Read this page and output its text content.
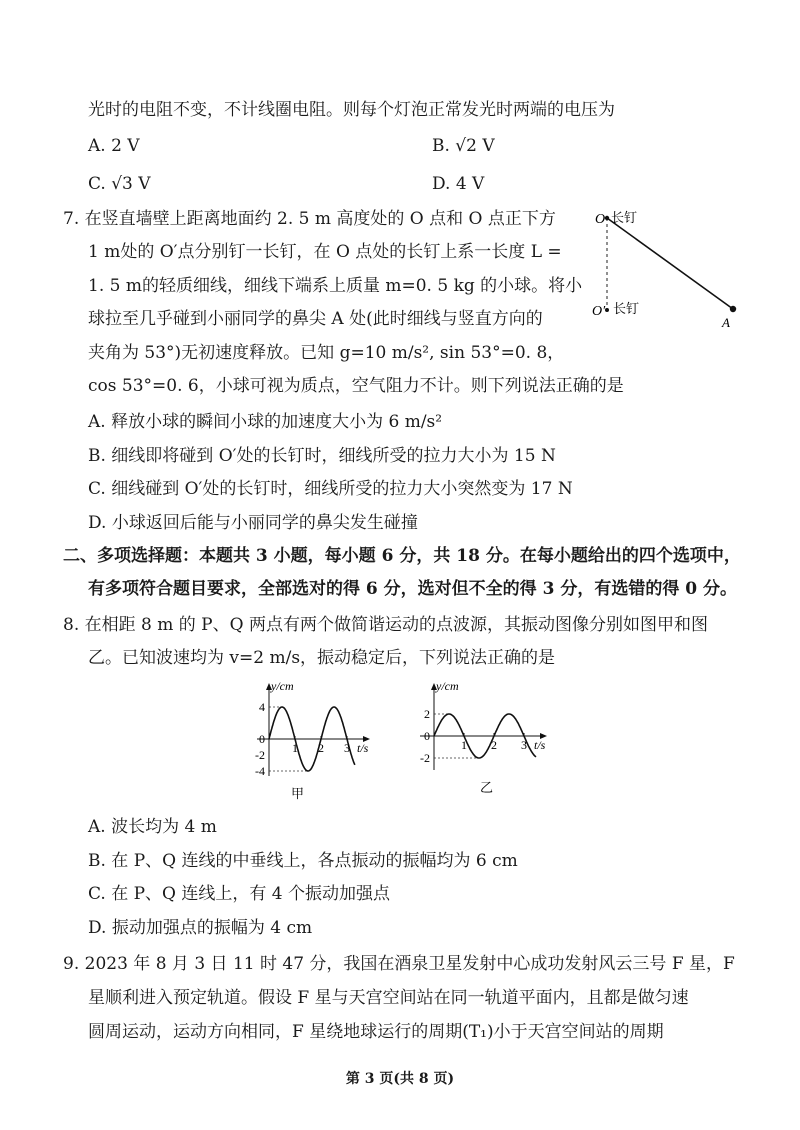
光时的电阻不变，不计线圈电阻。则每个灯泡正常发光时两端的电压为
A. 2 V	B. √2 V
C. √3 V	D. 4 V
7. 在竖直墙壁上距离地面约 2. 5 m 高度处的 O 点和 O 点正下方
1 m处的 O′点分别钉一长钉，在 O 点处的长钉上系一长度 L =
1. 5 m的轻质细线，细线下端系上质量 m=0. 5 kg 的小球。将小
球拉至几乎碰到小丽同学的鼻尖 A 处(此时细线与竖直方向的
夹角为 53°)无初速度释放。已知 g=10 m/s², sin 53°=0. 8，
cos 53°=0. 6，小球可视为质点，空气阻力不计。则下列说法正确的是
O 长钉
O′ 长钉
A
A. 释放小球的瞬间小球的加速度大小为 6 m/s²
B. 细线即将碰到 O′处的长钉时，细线所受的拉力大小为 15 N
C. 细线碰到 O′处的长钉时，细线所受的拉力大小突然变为 17 N
D. 小球返回后能与小丽同学的鼻尖发生碰撞
二、多项选择题：本题共 3 小题，每小题 6 分，共 18 分。在每小题给出的四个选项中，
有多项符合题目要求，全部选对的得 6 分，选对但不全的得 3 分，有选错的得 0 分。
8. 在相距 8 m 的 P、Q 两点有两个做简谐运动的点波源，其振动图像分别如图甲和图
乙。已知波速均为 v=2 m/s，振动稳定后，下列说法正确的是
1 2 3
4
0
-2
-4
y/cm
t/s
甲
1 2 3
2
0
-2
y/cm
t/s
乙
A. 波长均为 4 m
B. 在 P、Q 连线的中垂线上，各点振动的振幅均为 6 cm
C. 在 P、Q 连线上，有 4 个振动加强点
D. 振动加强点的振幅为 4 cm
9. 2023 年 8 月 3 日 11 时 47 分，我国在酒泉卫星发射中心成功发射风云三号 F 星，F
星顺利进入预定轨道。假设 F 星与天宫空间站在同一轨道平面内，且都是做匀速
圆周运动，运动方向相同，F 星绕地球运行的周期(T₁)小于天宫空间站的周期
第 3 页(共 8 页)
